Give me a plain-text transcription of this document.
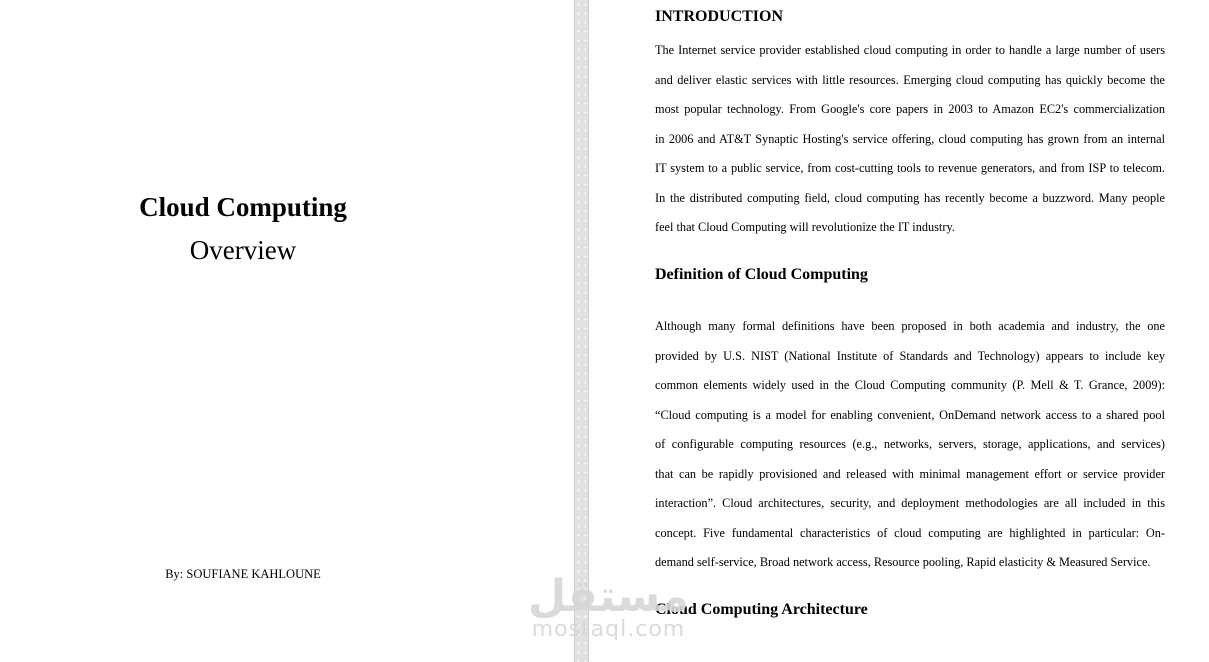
Cloud Computing
Overview
By: SOUFIANE KAHLOUNE
INTRODUCTION
Definition of Cloud Computing
Cloud Computing Architecture
The Internet service provider established cloud computing in order to handle a large number of users
and deliver elastic services with little resources. Emerging cloud computing has quickly become the
most popular technology. From Google's core papers in 2003 to Amazon EC2's commercialization
in 2006 and AT&T Synaptic Hosting's service offering, cloud computing has grown from an internal
IT system to a public service, from cost-cutting tools to revenue generators, and from ISP to telecom.
In the distributed computing field, cloud computing has recently become a buzzword. Many people
feel that Cloud Computing will revolutionize the IT industry.
Although many formal definitions have been proposed in both academia and industry, the one
provided by U.S. NIST (National Institute of Standards and Technology) appears to include key
common elements widely used in the Cloud Computing community (P. Mell & T. Grance, 2009):
“Cloud computing is a model for enabling convenient, OnDemand network access to a shared pool
of configurable computing resources (e.g., networks, servers, storage, applications, and services)
that can be rapidly provisioned and released with minimal management effort or service provider
interaction”. Cloud architectures, security, and deployment methodologies are all included in this
concept. Five fundamental characteristics of cloud computing are highlighted in particular: On-
demand self-service, Broad network access, Resource pooling, Rapid elasticity & Measured Service.
مستقل
mostaql.com
